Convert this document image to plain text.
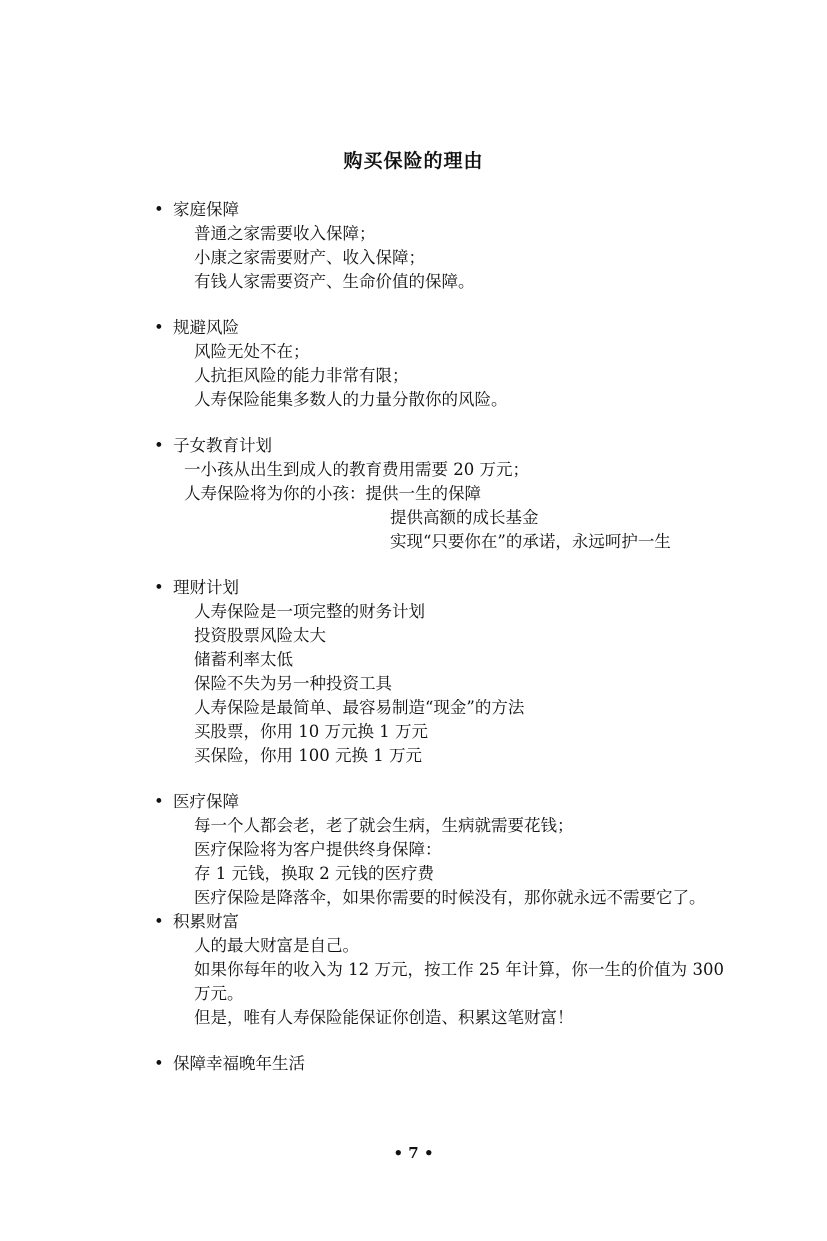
购买保险的理由
• 家庭保障
普通之家需要收入保障；
小康之家需要财产、收入保障；
有钱人家需要资产、生命价值的保障。
• 规避风险
风险无处不在；
人抗拒风险的能力非常有限；
人寿保险能集多数人的力量分散你的风险。
• 子女教育计划
一小孩从出生到成人的教育费用需要 20 万元；
人寿保险将为你的小孩：提供一生的保障
提供高额的成长基金
实现“只要你在”的承诺，永远呵护一生
• 理财计划
人寿保险是一项完整的财务计划
投资股票风险太大
储蓄利率太低
保险不失为另一种投资工具
人寿保险是最简单、最容易制造“现金”的方法
买股票，你用 10 万元换 1 万元
买保险，你用 100 元换 1 万元
• 医疗保障
每一个人都会老，老了就会生病，生病就需要花钱；
医疗保险将为客户提供终身保障：
存 1 元钱，换取 2 元钱的医疗费
医疗保险是降落伞，如果你需要的时候没有，那你就永远不需要它了。
• 积累财富
人的最大财富是自己。
如果你每年的收入为 12 万元，按工作 25 年计算，你一生的价值为 300 万元。
但是，唯有人寿保险能保证你创造、积累这笔财富！
• 保障幸福晚年生活
• 7 •
